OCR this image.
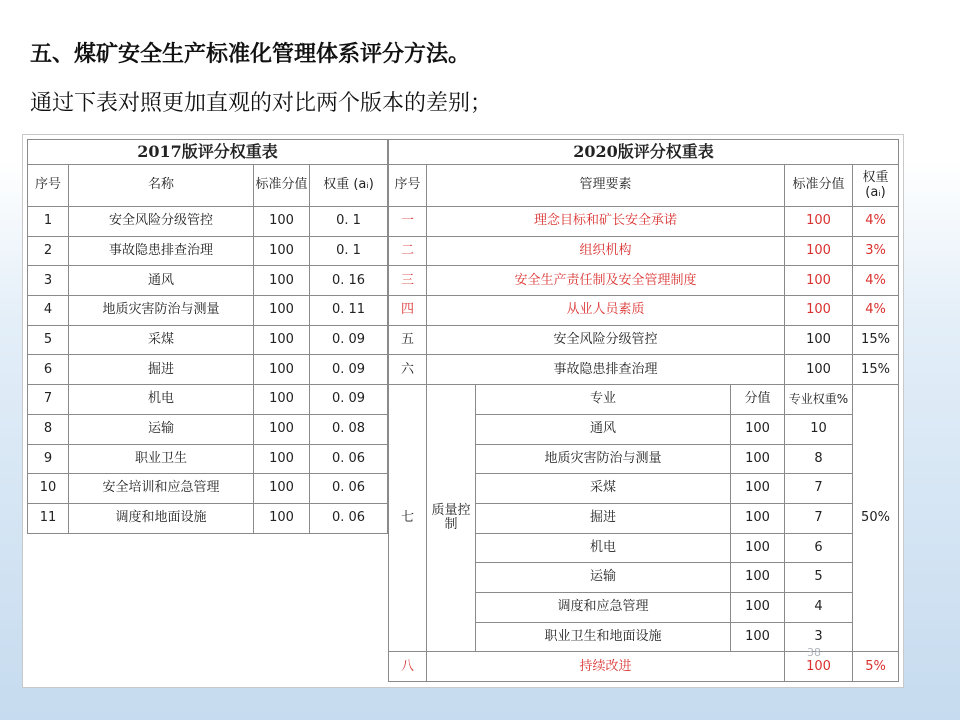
五、煤矿安全生产标准化管理体系评分方法。
通过下表对照更加直观的对比两个版本的差别；
2017版评分权重表			
序号	名称	标准分值	权重 (aᵢ)
1	安全风险分级管控	100	0. 1
2	事故隐患排查治理	100	0. 1
3	通风	100	0. 16
4	地质灾害防治与测量	100	0. 11
5	采煤	100	0. 09
6	掘进	100	0. 09
7	机电	100	0. 09
8	运输	100	0. 08
9	职业卫生	100	0. 06
10	安全培训和应急管理	100	0. 06
11	调度和地面设施	100	0. 06
2020版评分权重表					
序号	管理要素			标准分值	权重 (aᵢ)
一	理念目标和矿长安全承诺			100	4%
二	组织机构			100	3%
三	安全生产责任制及安全管理制度			100	4%
四	从业人员素质			100	4%
五	安全风险分级管控			100	15%
六	事故隐患排查治理			100	15%
七	质量控制	专业	分值	专业权重%	50%
		通风	100	10	
		地质灾害防治与测量	100	8	
		采煤	100	7	
		掘进	100	7	
		机电	100	6	
		运输	100	5	
		调度和应急管理	100	4	
		职业卫生和地面设施	100	3	
八	持续改进			100	5%
38
